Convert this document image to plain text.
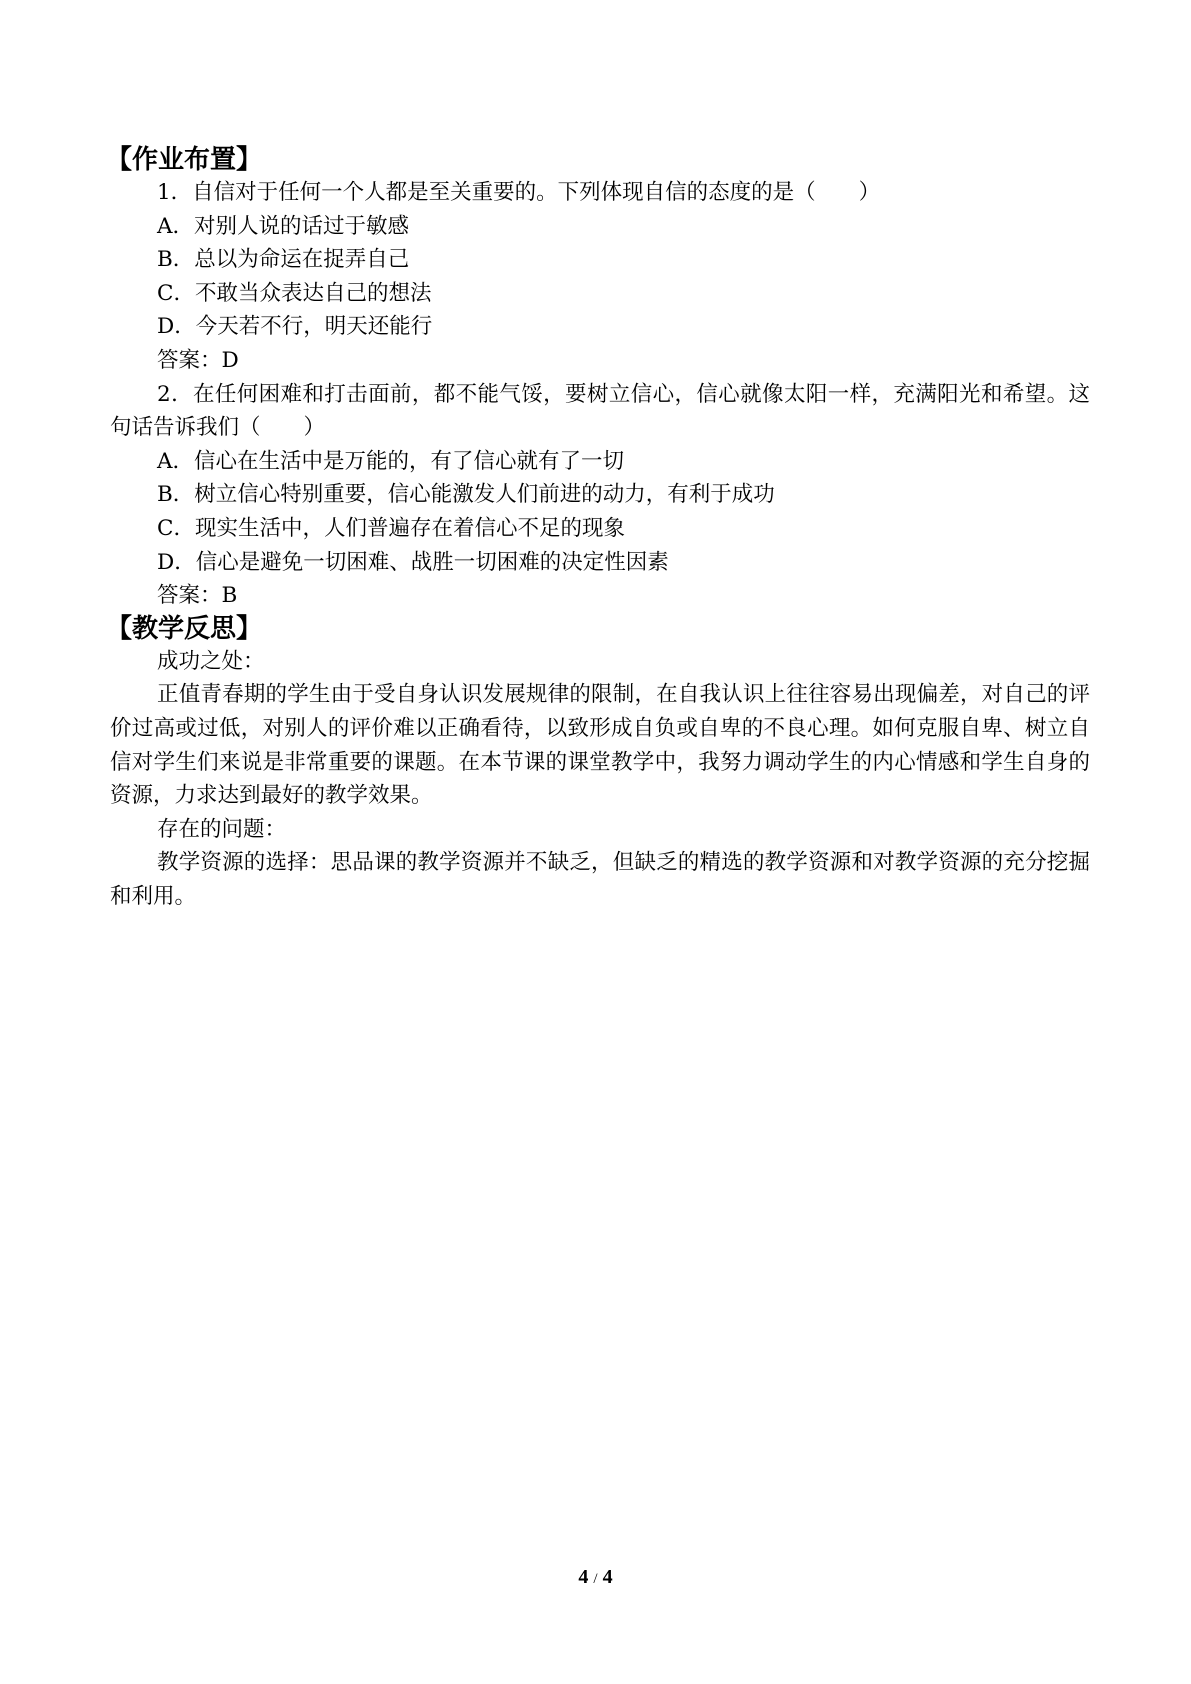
【作业布置】
1．自信对于任何一个人都是至关重要的。下列体现自信的态度的是（　　）
A．对别人说的话过于敏感
B．总以为命运在捉弄自己
C．不敢当众表达自己的想法
D．今天若不行，明天还能行
答案：D
2．在任何困难和打击面前，都不能气馁，要树立信心，信心就像太阳一样，充满阳光和希望。这句话告诉我们（　　）
A．信心在生活中是万能的，有了信心就有了一切
B．树立信心特别重要，信心能激发人们前进的动力，有利于成功
C．现实生活中，人们普遍存在着信心不足的现象
D．信心是避免一切困难、战胜一切困难的决定性因素
答案：B
【教学反思】
成功之处：
正值青春期的学生由于受自身认识发展规律的限制，在自我认识上往往容易出现偏差，对自己的评价过高或过低，对别人的评价难以正确看待，以致形成自负或自卑的不良心理。如何克服自卑、树立自信对学生们来说是非常重要的课题。在本节课的课堂教学中，我努力调动学生的内心情感和学生自身的资源，力求达到最好的教学效果。
存在的问题：
教学资源的选择：思品课的教学资源并不缺乏，但缺乏的精选的教学资源和对教学资源的充分挖掘和利用。
4 / 4
